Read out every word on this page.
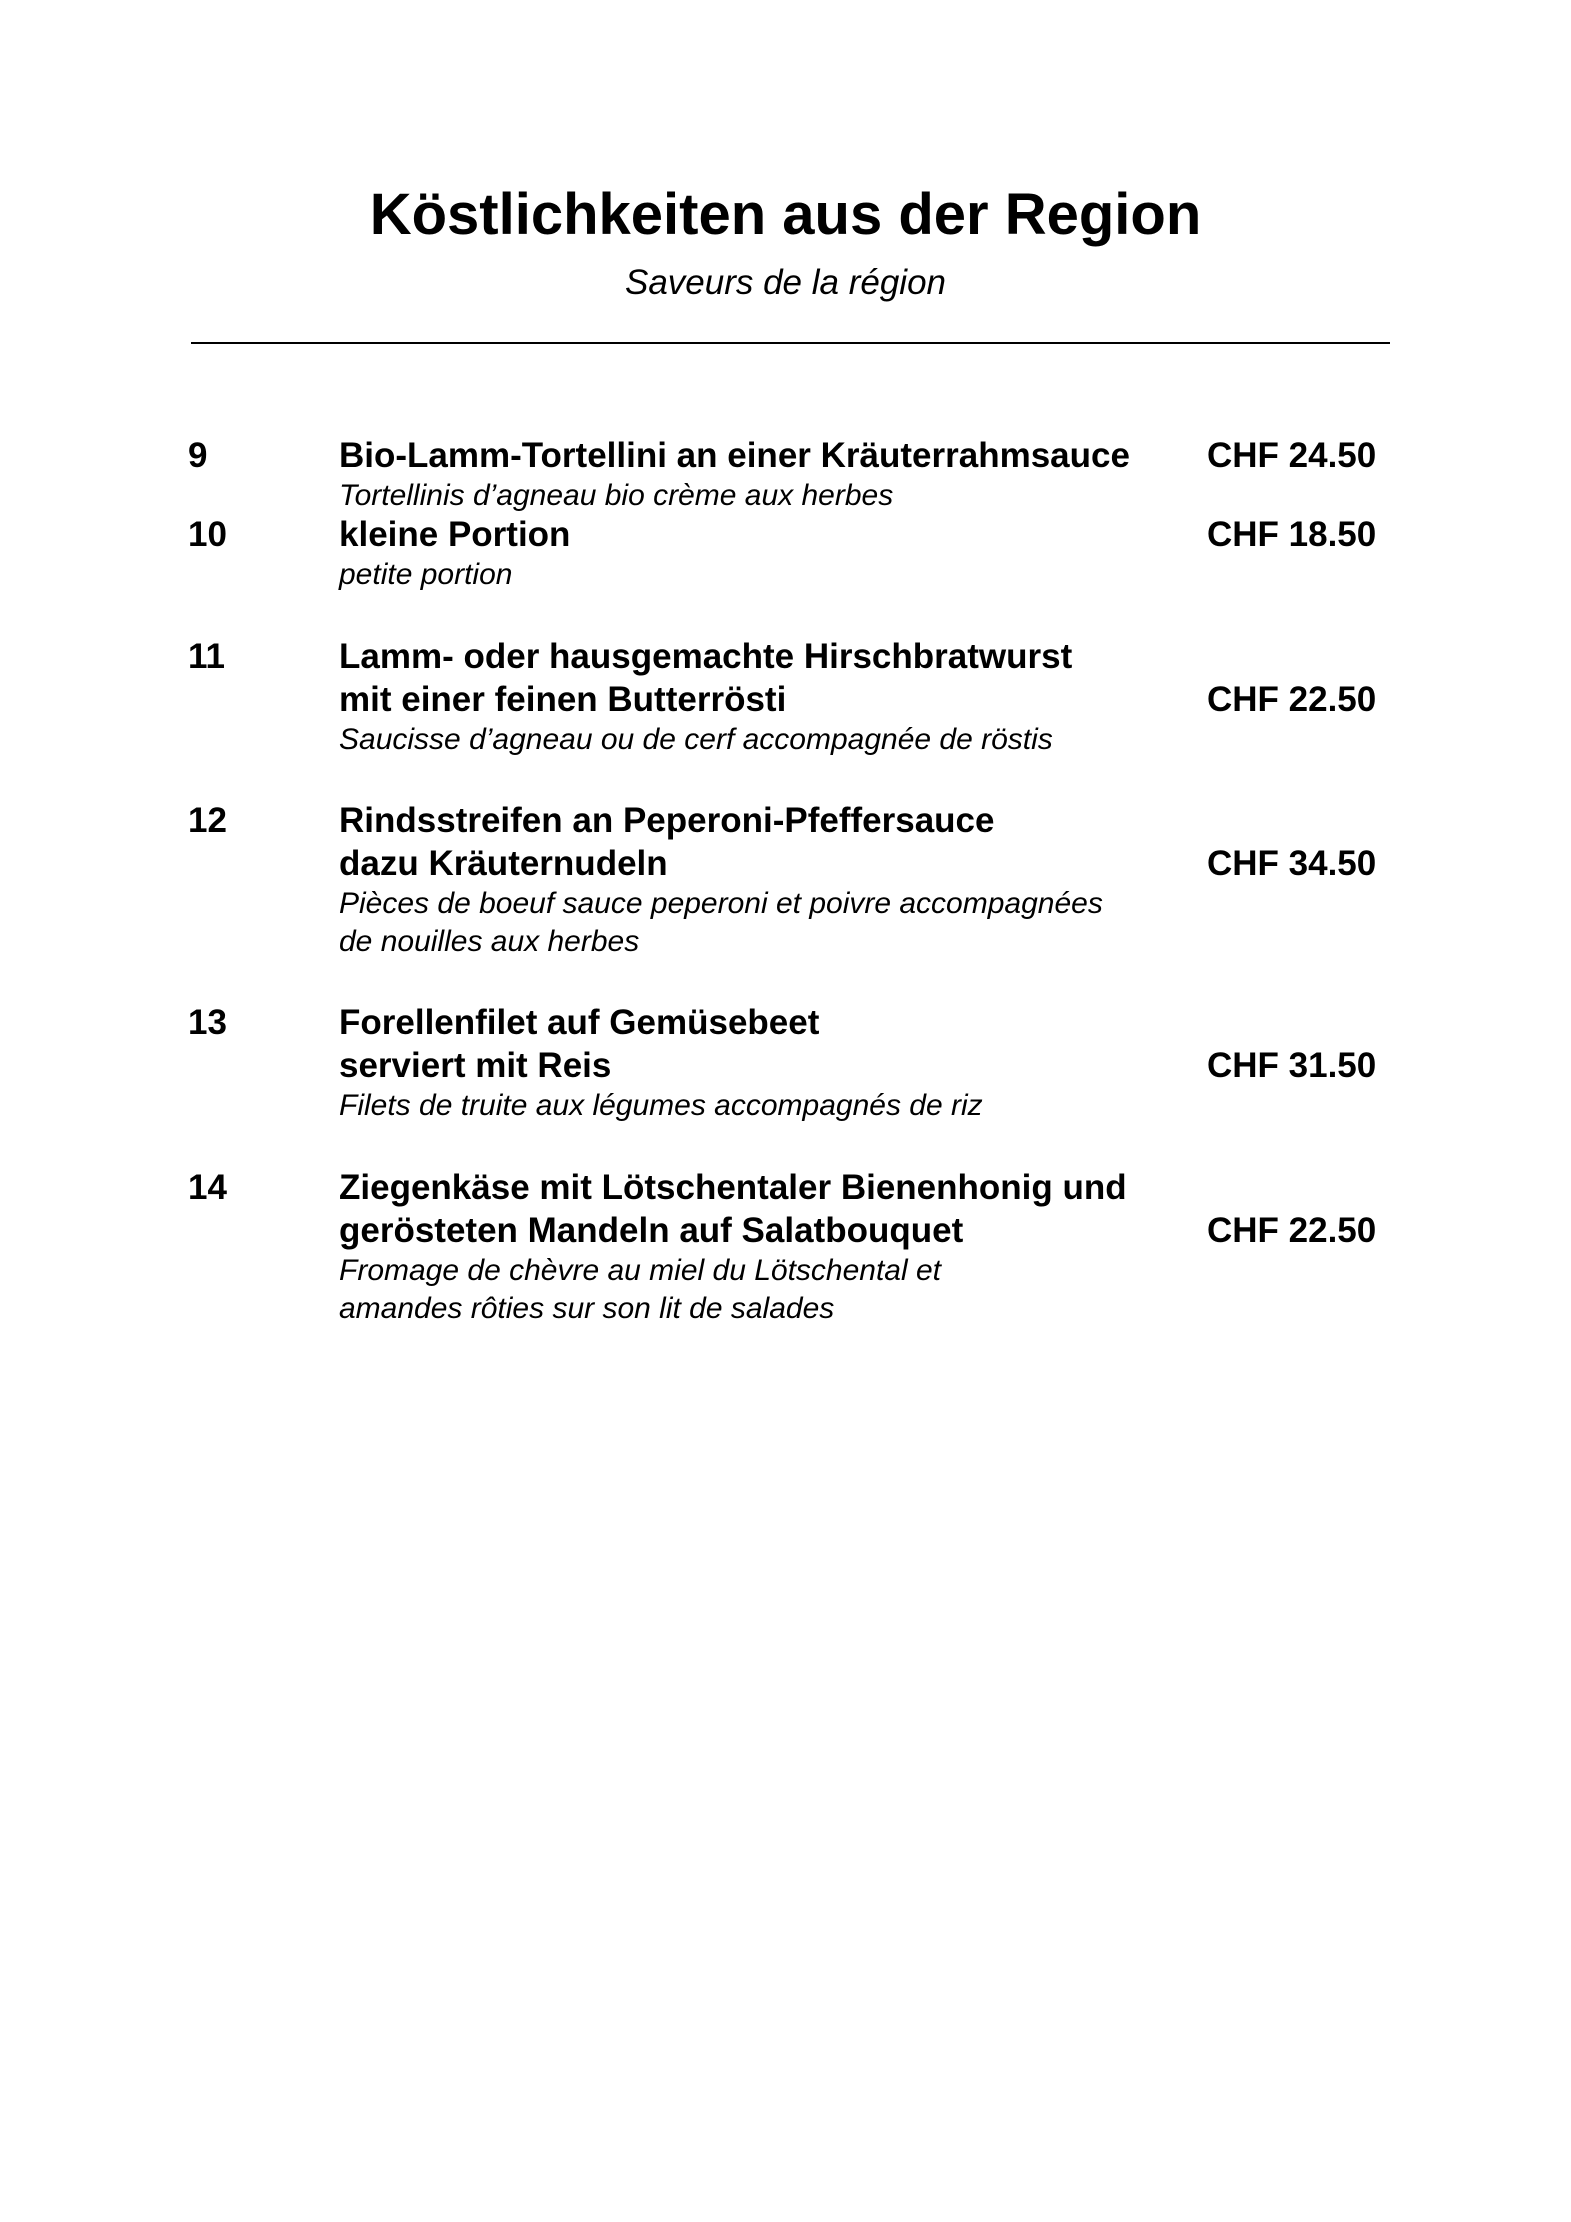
Köstlichkeiten aus der Region
Saveurs de la région
9	Bio-Lamm-Tortellini an einer Kräuterrahmsauce
Tortellinis d’agneau bio crème aux herbes
CHF 24.50
10	kleine Portion
petite portion
CHF 18.50
11	Lamm- oder hausgemachte Hirschbratwurst
mit einer feinen Butterrösti
Saucisse d’agneau ou de cerf accompagnée de röstis
CHF 22.50
12	Rindsstreifen an Peperoni-Pfeffersauce
dazu Kräuternudeln
Pièces de boeuf sauce peperoni et poivre accompagnées
de nouilles aux herbes
CHF 34.50
13	Forellenfilet auf Gemüsebeet
serviert mit Reis
Filets de truite aux légumes accompagnés de riz
CHF 31.50
14	Ziegenkäse mit Lötschentaler Bienenhonig und
gerösteten Mandeln auf Salatbouquet
Fromage de chèvre au miel du Lötschental et
amandes rôties sur son lit de salades
CHF 22.50
